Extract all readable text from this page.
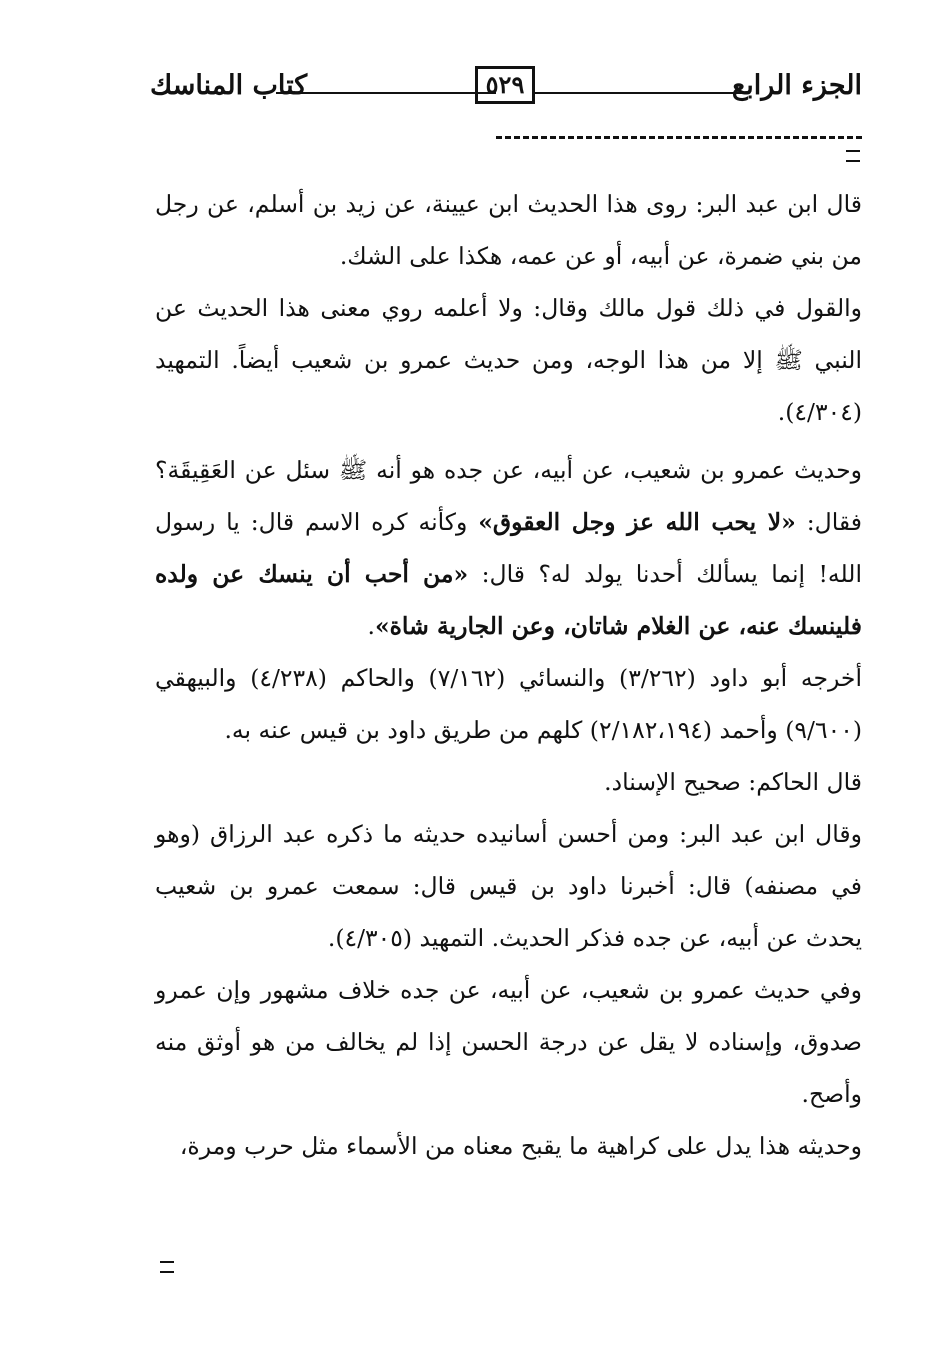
الجزء الرابع
٥٢٩
كتاب المناسك

قال ابن عبد البر: روى هذا الحديث ابن عيينة، عن زيد بن أسلم، عن رجل من بني ضمرة، عن أبيه، أو عن عمه، هكذا على الشك.

والقول في ذلك قول مالك وقال: ولا أعلمه روي معنى هذا الحديث عن النبي ﷺ إلا من هذا الوجه، ومن حديث عمرو بن شعيب أيضاً. التمهيد (٤/٣٠٤).

وحديث عمرو بن شعيب، عن أبيه، عن جده هو أنه ﷺ سئل عن العَقِيقَة؟ فقال: «لا يحب الله عز وجل العقوق» وكأنه كره الاسم قال: يا رسول الله! إنما يسألك أحدنا يولد له؟ قال: «من أحب أن ينسك عن ولده فلينسك عنه، عن الغلام شاتان، وعن الجارية شاة».

أخرجه أبو داود (٣/٢٦٢) والنسائي (٧/١٦٢) والحاكم (٤/٢٣٨) والبيهقي (٩/٦٠٠) وأحمد (٢/١٨٢،١٩٤) كلهم من طريق داود بن قيس عنه به.

قال الحاكم: صحيح الإسناد.

وقال ابن عبد البر: ومن أحسن أسانيده حديثه ما ذكره عبد الرزاق (وهو في مصنفه) قال: أخبرنا داود بن قيس قال: سمعت عمرو بن شعيب يحدث عن أبيه، عن جده فذكر الحديث. التمهيد (٤/٣٠٥).

وفي حديث عمرو بن شعيب، عن أبيه، عن جده خلاف مشهور وإن عمرو صدوق، وإسناده لا يقل عن درجة الحسن إذا لم يخالف من هو أوثق منه وأصح.

وحديثه هذا يدل على كراهية ما يقبح معناه من الأسماء مثل حرب ومرة،
